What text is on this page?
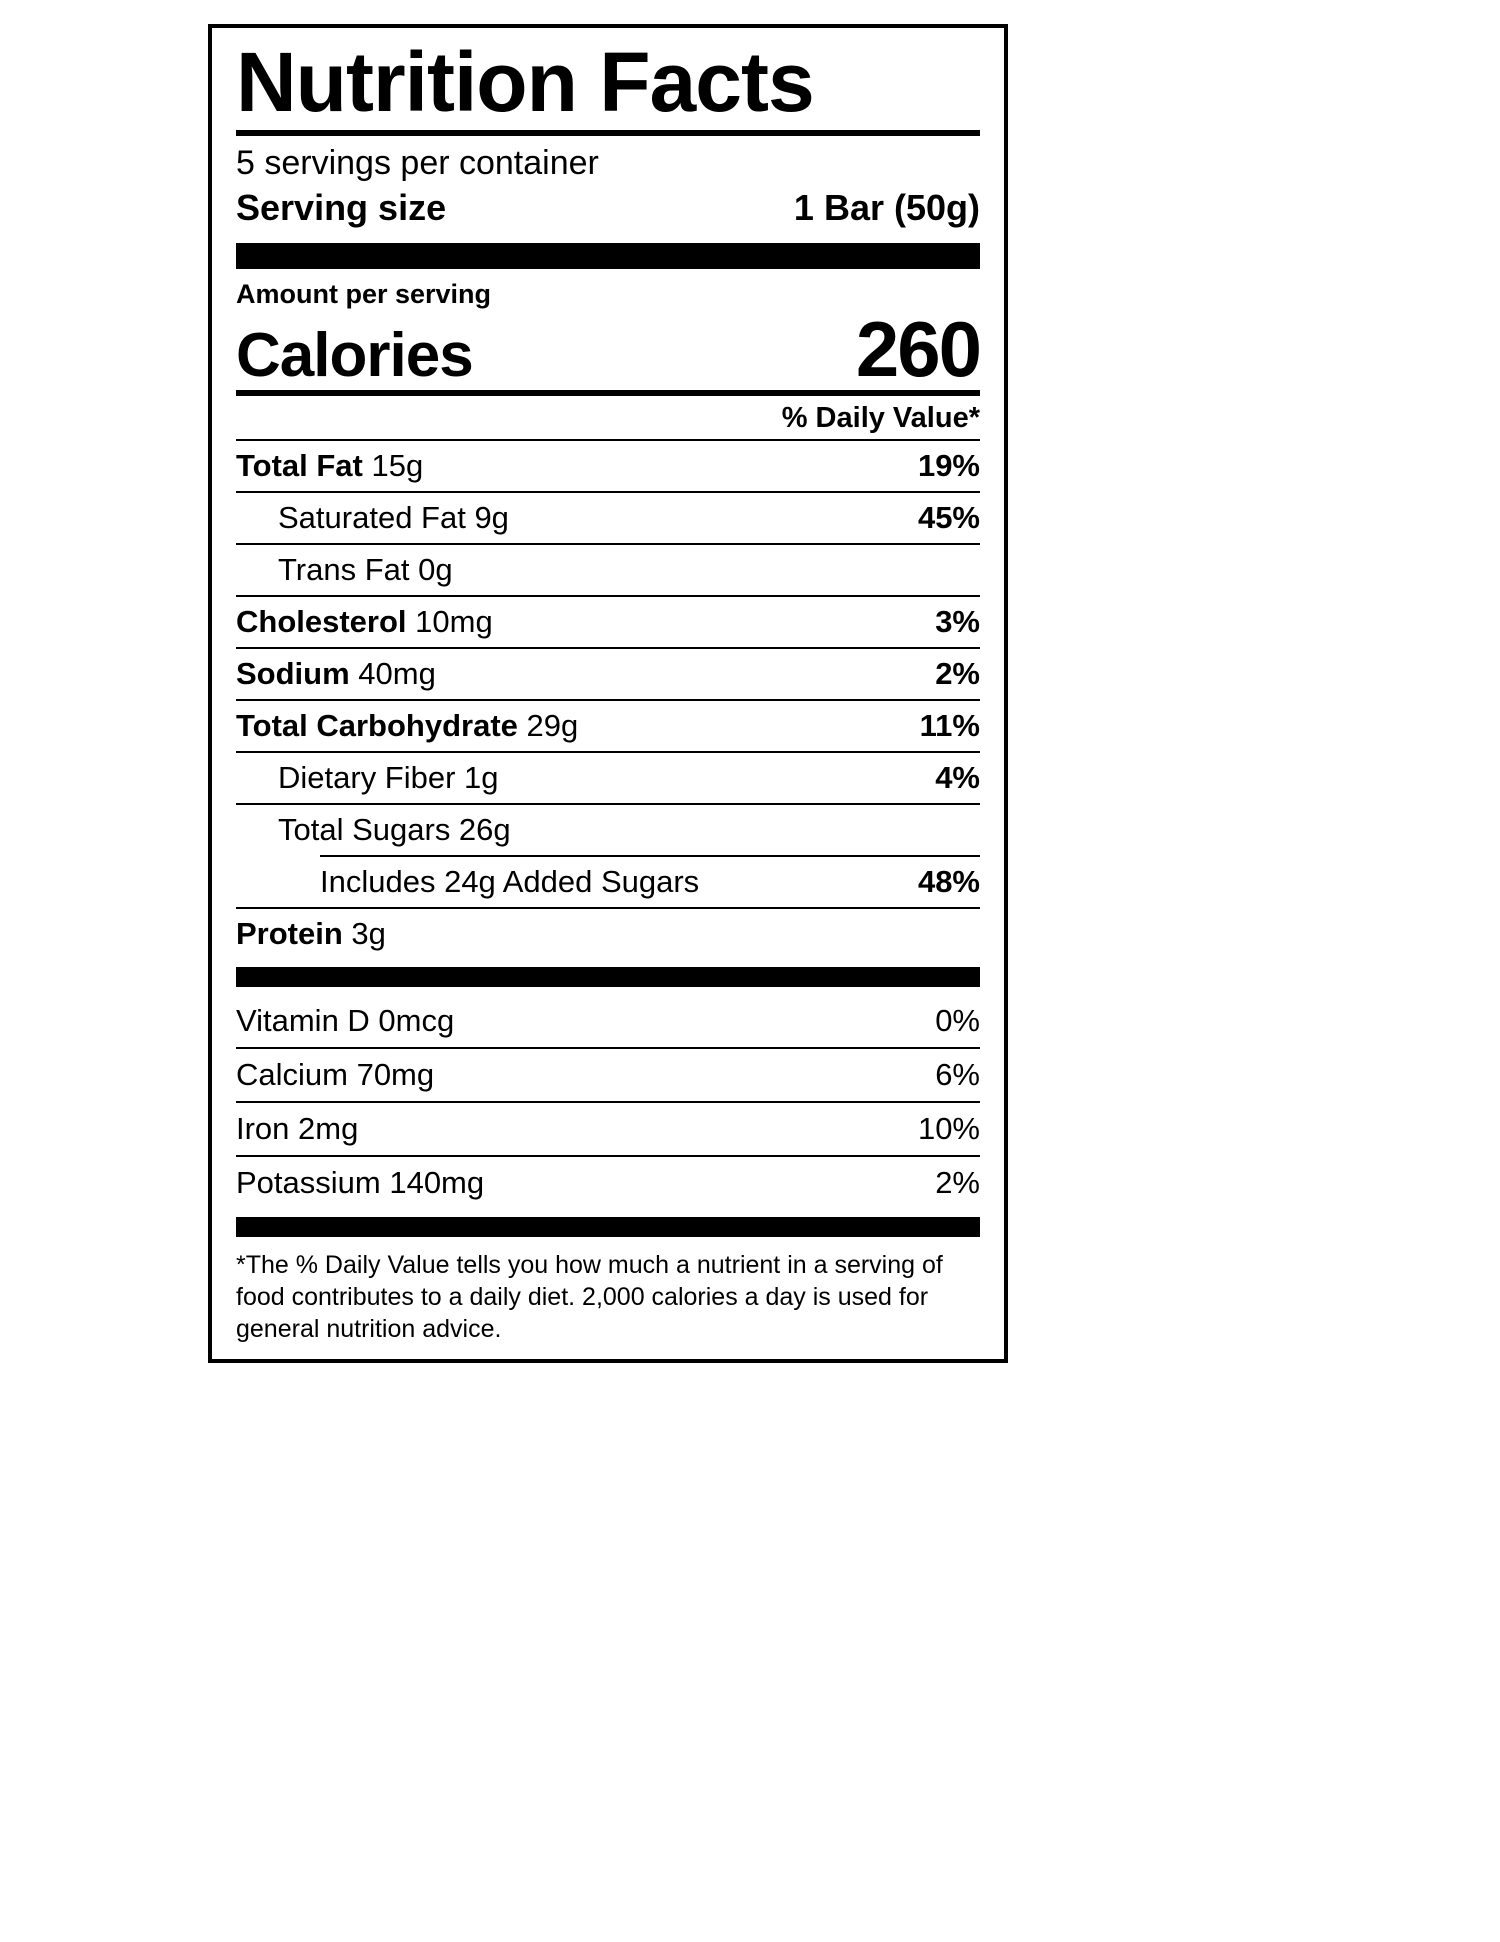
Nutrition Facts
5 servings per container
Serving size	1 Bar (50g)
Amount per serving
Calories	260
% Daily Value*
Total Fat 15g	19%
Saturated Fat 9g	45%
Trans Fat 0g
Cholesterol 10mg	3%
Sodium 40mg	2%
Total Carbohydrate 29g	11%
Dietary Fiber 1g	4%
Total Sugars 26g
Includes 24g Added Sugars	48%
Protein 3g
Vitamin D 0mcg	0%
Calcium 70mg	6%
Iron 2mg	10%
Potassium 140mg	2%
*The % Daily Value tells you how much a nutrient in a serving of food contributes to a daily diet. 2,000 calories a day is used for general nutrition advice.
